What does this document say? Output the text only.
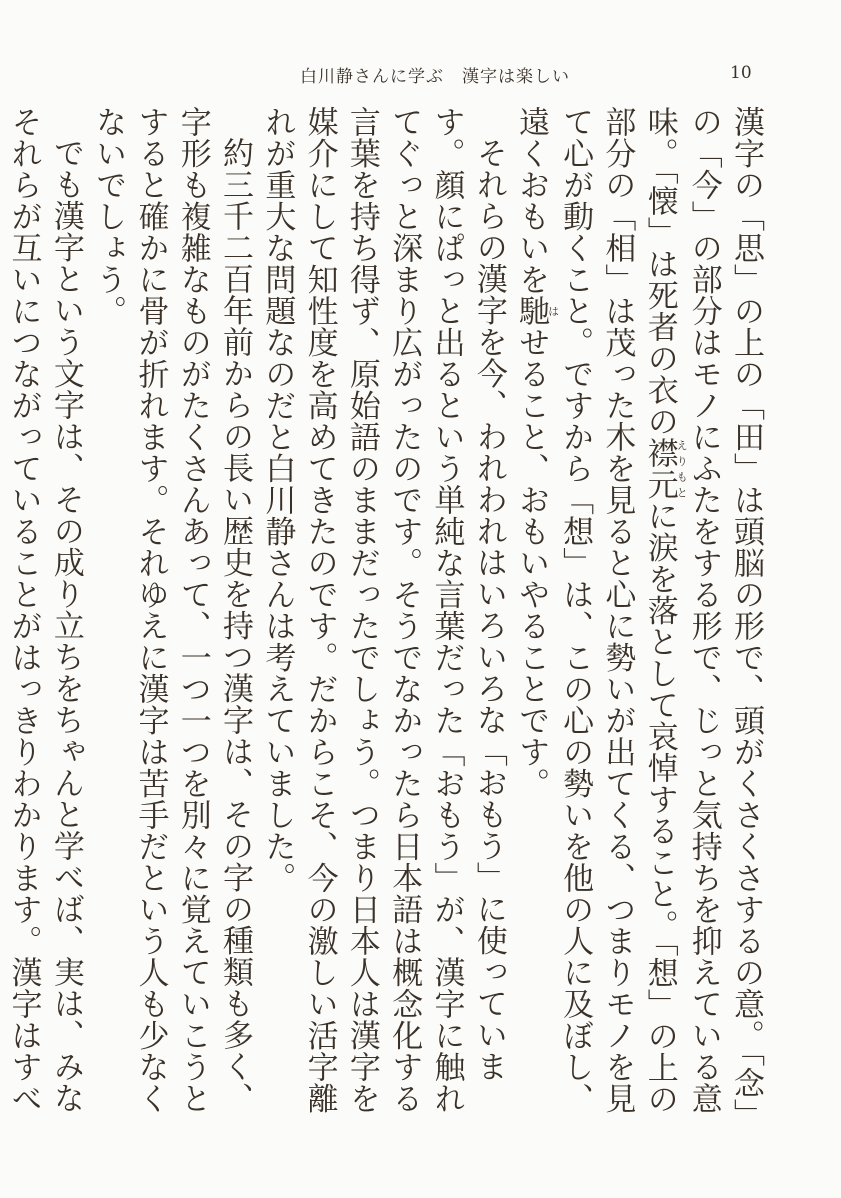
白川静さんに学ぶ　漢字は楽しい	10

漢字の「思」の上の「田」は頭脳の形で、頭がくさくさするの意。「念」の「今」の部分はモノにふたをする形で、じっと気持ちを抑えている意味。「懐」は死者の衣の襟元えりもとに涙を落として哀悼すること。「想」の上の部分の「相」は茂った木を見ると心に勢いが出てくる、つまりモノを見て心が動くこと。ですから「想」は、この心の勢いを他の人に及ぼし、遠くおもいを馳はせること、おもいやることです。

それらの漢字を今、われわれはいろいろな「おもう」に使っています。顔にぱっと出るという単純な言葉だった「おもう」が、漢字に触れてぐっと深まり広がったのです。そうでなかったら日本語は概念化する言葉を持ち得ず、原始語のままだったでしょう。つまり日本人は漢字を媒介にして知性度を高めてきたのです。だからこそ、今の激しい活字離れが重大な問題なのだと白川静さんは考えていました。

約三千二百年前からの長い歴史を持つ漢字は、その字の種類も多く、字形も複雑なものがたくさんあって、一つ一つを別々に覚えていこうとすると確かに骨が折れます。それゆえに漢字は苦手だという人も少なくないでしょう。

でも漢字という文字は、その成り立ちをちゃんと学べば、実は、みなそれらが互いにつながっていることがはっきりわかります。漢字はすべ
